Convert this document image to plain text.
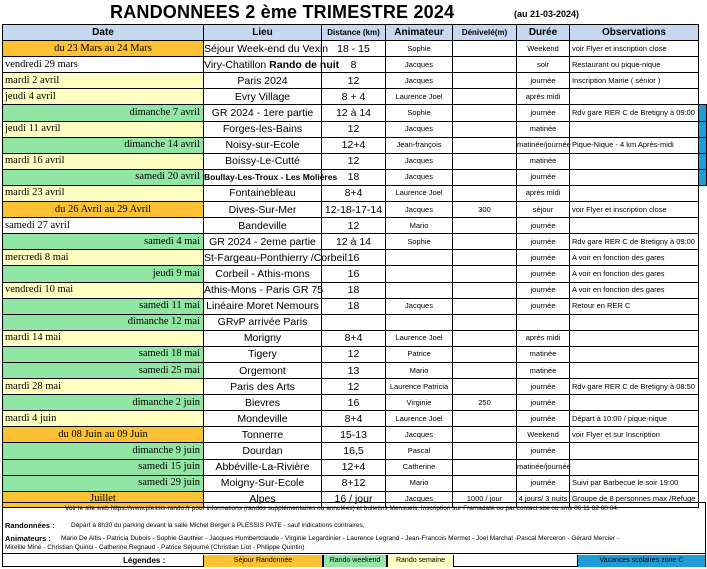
RANDONNEES 2 ème TRIMESTRE 2024	(au 21-03-2024)
Date	Lieu	Distance (km)	Animateur	Dénivelé(m)	Durée	Observations	
du 23 Mars au 24 Mars	Séjour Week-end du Vexin	18 - 15	Sophie		Weekend	voir Flyer et inscription close	
vendredi 29 mars	Viry-Chatillon Rando de nuit	8	Jacques		soir	Restaurant ou pique-nique	
mardi 2 avril	Paris 2024	12	Jacques		journée	Inscription Mairie ( sénior )	
jeudi 4 avril	Evry Village	8 + 4	Laurence Joel		après midi		
dimanche 7 avril	GR 2024 - 1ere partie	12 à 14	Sophie		journée	Rdv gare RER C de Bretigny à 09:00	
jeudi 11 avril	Forges-les-Bains	12	Jacques		matinée		
dimanche 14 avril	Noisy-sur-Ecole	12+4	Jean-françois		matinée/journée	Pique-Nique - 4 km Après-midi	
mardi 16 avril	Boissy-Le-Cutté	12	Jacques		matinée		
samedi 20 avril	Boullay-Les-Troux - Les Molières	18	Jacques		journée		
mardi 23 avril	Fontainebleau	8+4	Laurence Joel		après midi		
du 26 Avril au 29 Avril	Dives-Sur-Mer	12-18-17-14	Jacques	300	séjour	voir Flyer et inscription close	
samedi 27 avril	Bandeville	12	Mario		journée		
samedi 4 mai	GR 2024 - 2eme partie	12 à 14	Sophie		journée	Rdv gare RER C de Bretigny à 09:00	
mercredi 8 mai	St-Fargeau-Ponthierry /Corbeil	16			journée	A voir en fonction des gares	
jeudi 9 mai	Corbeil - Athis-mons	16			journée	A voir en fonction des gares	
vendredi 10 mai	Athis-Mons - Paris GR 75	18			journée	A voir en fonction des gares	
samedi 11 mai	Linéaire Moret Nemours	18	Jacques		journée	Retour en RER C	
dimanche 12 mai	GRvP arrivée Paris						
mardi 14 mai	Morigny	8+4	Laurence Joel		après midi		
samedi 18 mai	Tigery	12	Patrice		matinée		
samedi 25 mai	Orgemont	13	Mario		matinée		
mardi 28 mai	Paris des Arts	12	Laurence Patricia		journée	Rdv gare RER C de Bretigny à 08:50	
dimanche 2 juin	Bievres	16	Virginie	250	journée		
mardi 4 juin	Mondeville	8+4	Laurence Joel		journée	Départ à 10:00 / pique-nique	
du 08 Juin au 09 Juin	Tonnerre	15-13	Jacques		Weekend	voir Flyer et sur Inscription	
dimanche 9 juin	Dourdan	16,5	Pascal		journée		
samedi 15 juin	Abbéville-La-Rivière	12+4	Catherine		matinée/journée		
samedi 29 juin	Moigny-Sur-Ecole	8+12	Mario		journée	Suivi par Barbecue le soir 19:00	
Juillet	Alpes	16 / jour	Jacques	1000 / jour	4 jours/ 3 nuits	Groupe de 8 personnes max /Refuge	
Voir le site web https://www.plessis-rando.fr pour informations (randos supplémentaires ou annulées) et bulletins Mensuels. Inscription sur Framadate ou par contact site ou sms 06 11 62 60 84.
Randonnées :	Départ à 8h30 du parking devant la salle Michel Berger à PLESSIS PATE - sauf indications contraires,
Animateurs : Mario De Altis - Patricia Dubois - Sophie Gauthier - Jacques Humbertclaude - Virginie Legardinier - Laurence Legrand - Jean-Francois Mermet - Joel Marchal -Pascal Merceron - Gérard Mercier -
Mireille Miné - Christian Quinci - Catherine Regnaud - Patrice Séjourné (Christian Liot - Philippe Quintin)
Légendes :	Séjour Randonnée	Rando weekend	Rando semaine	Vacances scolaires zone C
